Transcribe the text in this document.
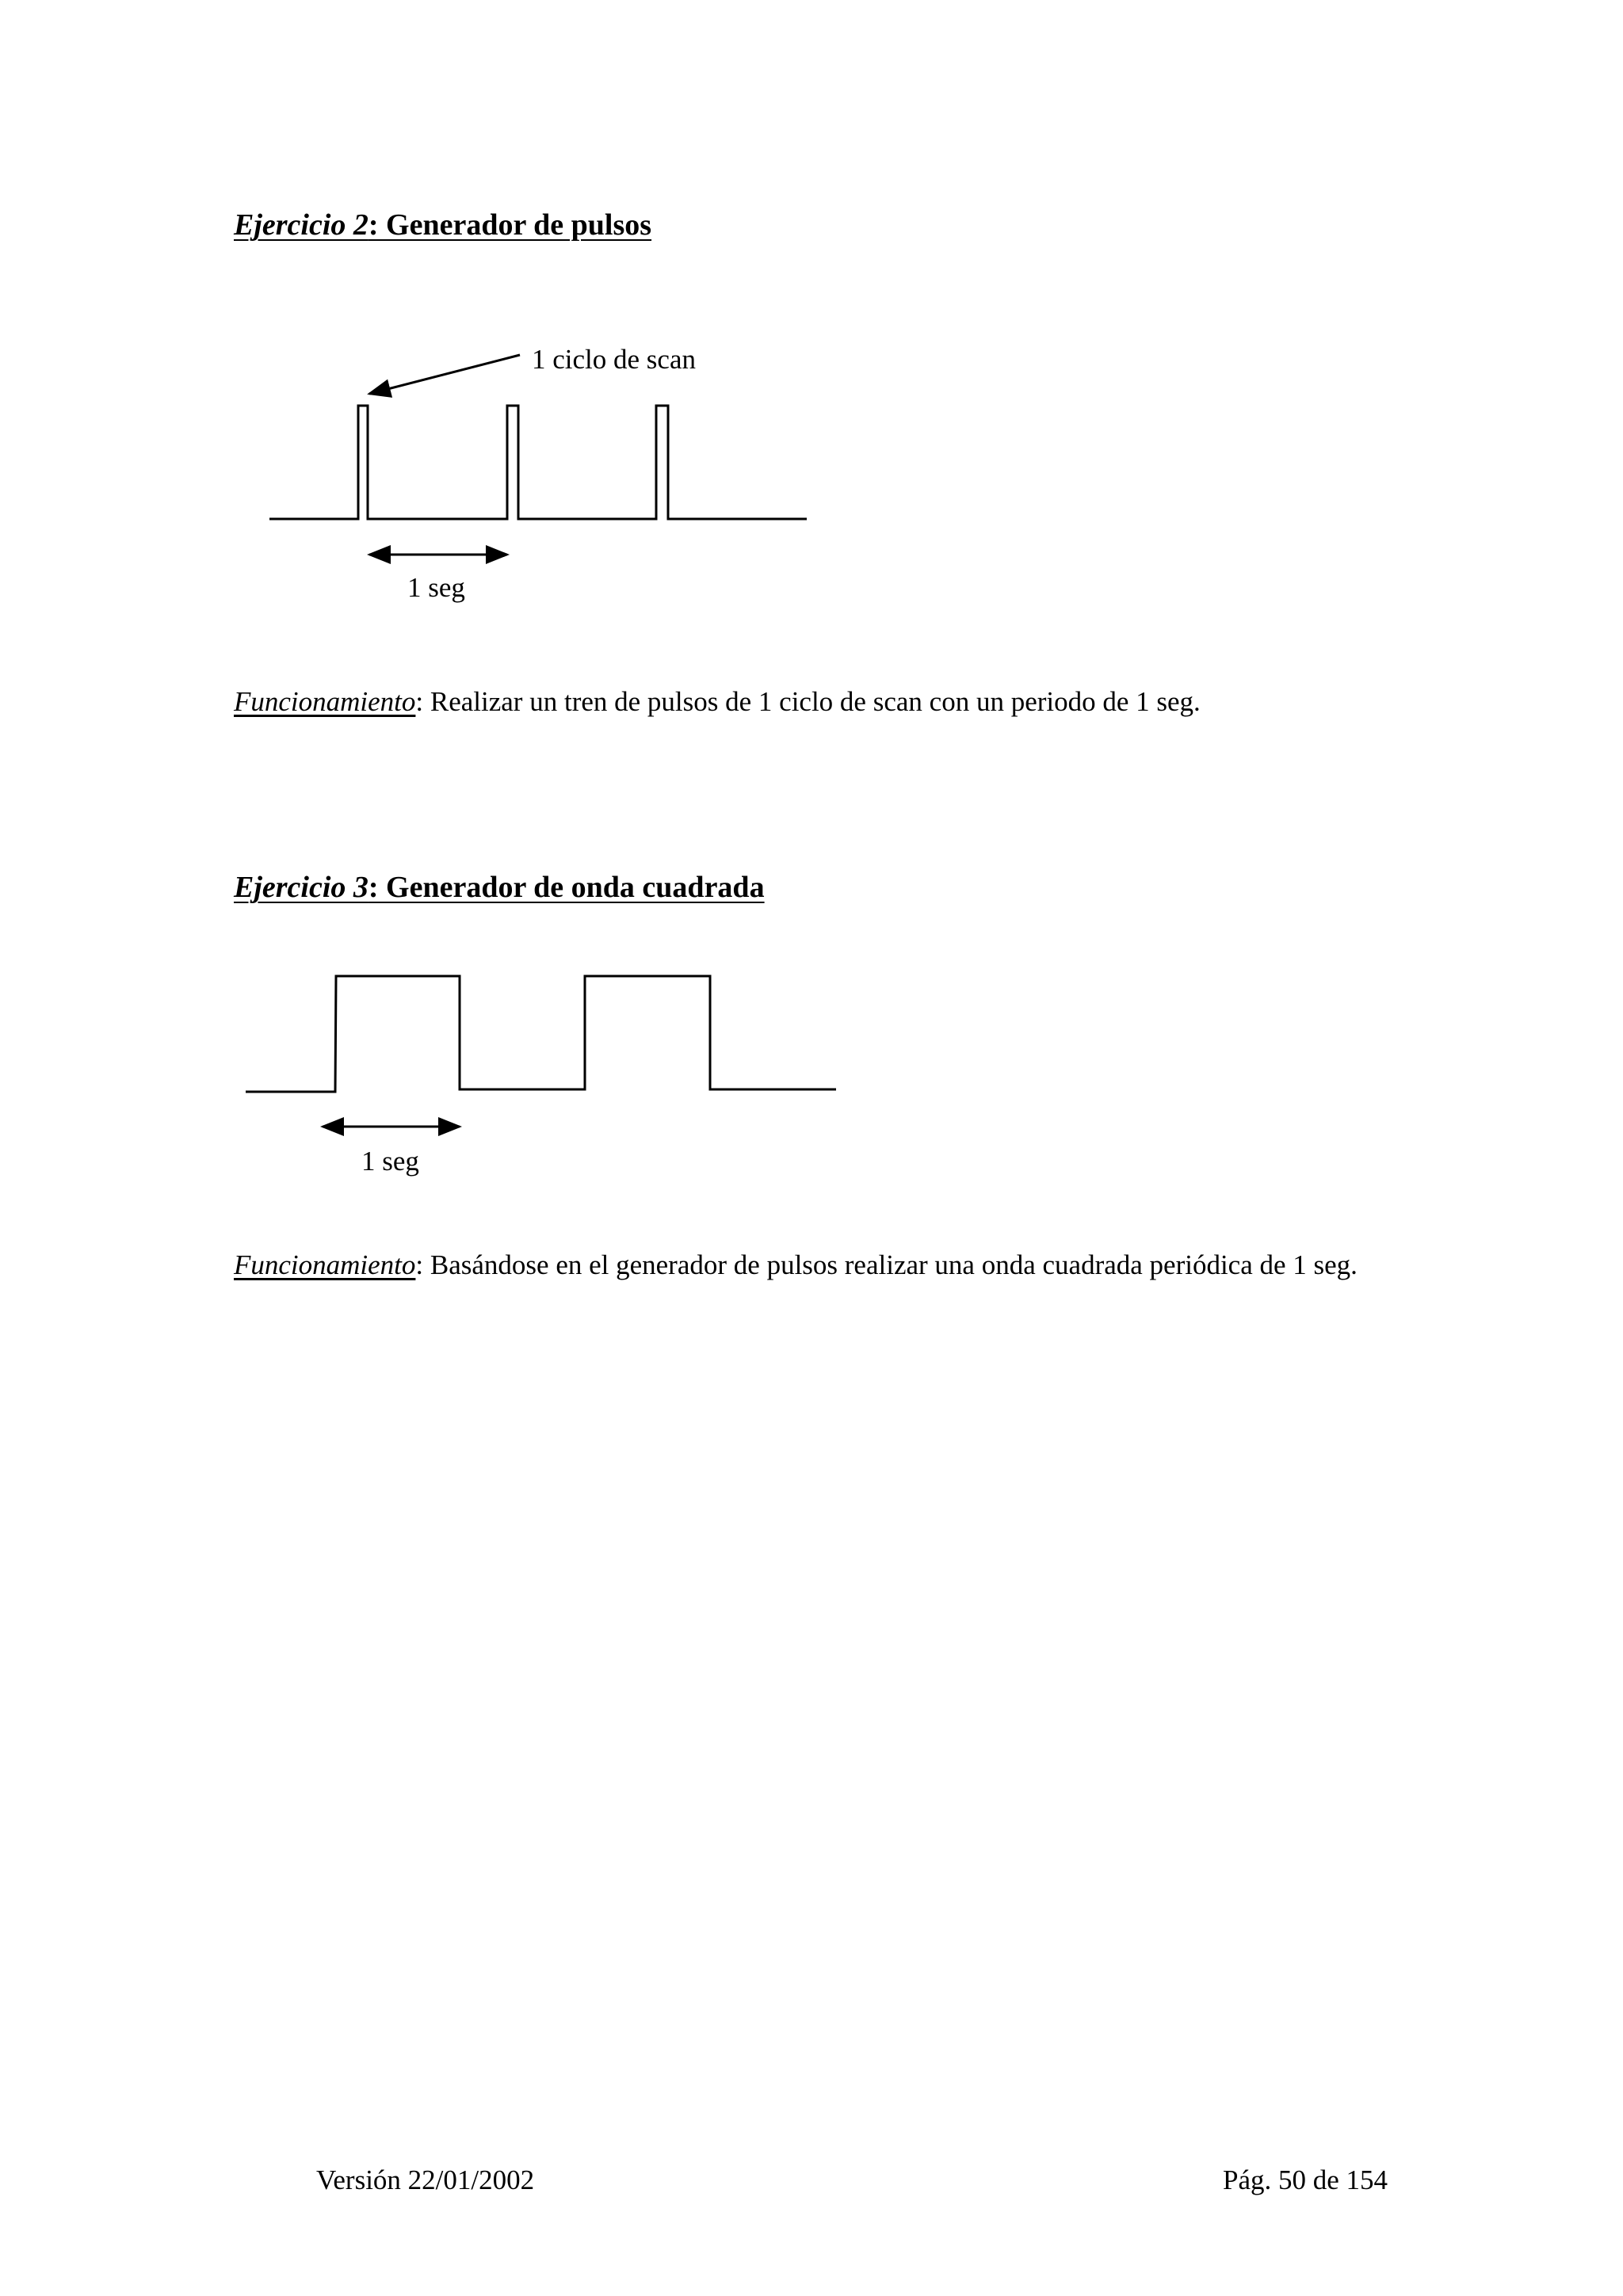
Ejercicio 2: Generador de pulsos
1 ciclo de scan
1 seg
Funcionamiento: Realizar un tren de pulsos de 1 ciclo de scan con un periodo de 1 seg.
Ejercicio 3: Generador de onda cuadrada
1 seg
Funcionamiento: Basándose en el generador de pulsos realizar una onda cuadrada periódica de 1 seg.
Versión 22/01/2002	Pág. 50 de 154
